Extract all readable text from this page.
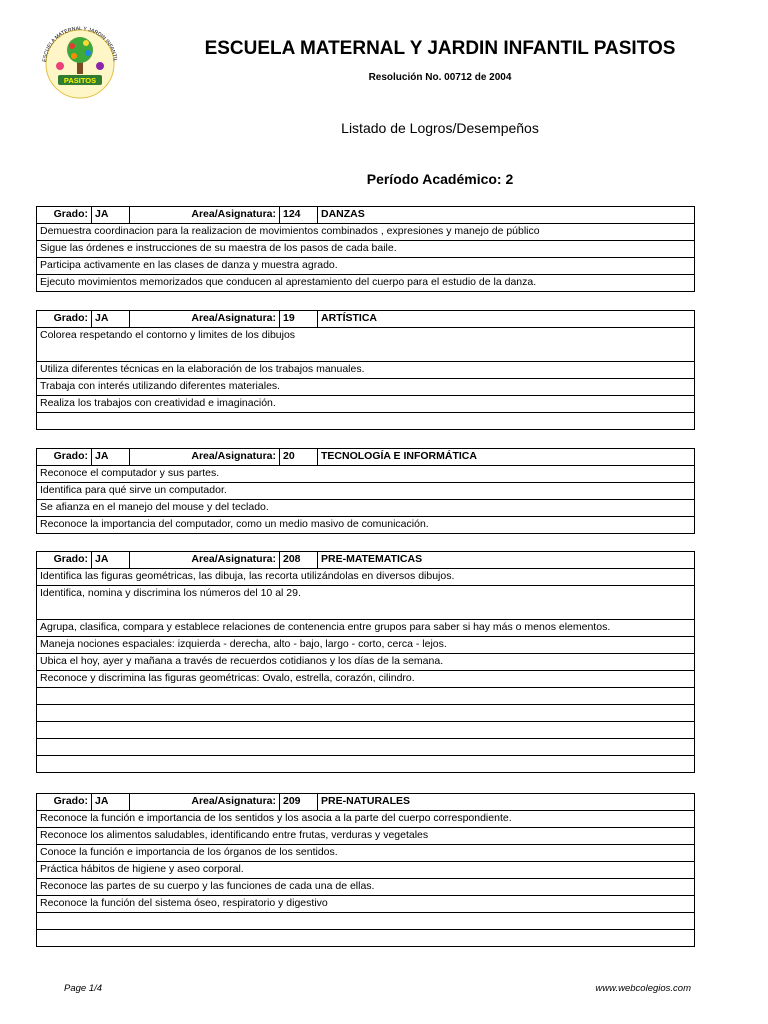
ESCUELA MATERNAL Y JARDIN INFANTIL
PASITOS
ESCUELA MATERNAL Y JARDIN INFANTIL PASITOS
Resolución No. 00712 de 2004
Listado de Logros/Desempeños
Período Académico: 2
Grado:	JA	Area/Asignatura:	124	DANZAS
Demuestra coordinacion para la realizacion de movimientos combinados , expresiones y manejo de público
Sigue las órdenes e instrucciones de su maestra de los pasos de cada baile.
Participa activamente en las clases de danza y muestra agrado.
Ejecuto movimientos memorizados que conducen al aprestamiento del cuerpo para el estudio de la danza.
Grado:	JA	Area/Asignatura:	19	ARTÍSTICA
Colorea respetando el contorno y limites de los dibujos
Utiliza diferentes técnicas en la elaboración de los trabajos manuales.
Trabaja con interés utilizando diferentes materiales.
Realiza los trabajos con creatividad e imaginación.

Grado:	JA	Area/Asignatura:	20	TECNOLOGÍA E INFORMÁTICA
Reconoce el computador y sus partes.
Identifica para qué sirve un computador.
Se afianza en el manejo del mouse y del teclado.
Reconoce la importancia del computador, como un medio masivo de comunicación.
Grado:	JA	Area/Asignatura:	208	PRE-MATEMATICAS
Identifica las figuras geométricas, las dibuja, las recorta utilizándolas en diversos dibujos.
Identifica, nomina y discrimina los números del 10 al 29.
Agrupa, clasifica, compara y establece relaciones de contenencia entre grupos para saber si hay más o menos elementos.
Maneja nociones espaciales: izquierda - derecha, alto - bajo, largo - corto, cerca - lejos.
Ubica el hoy, ayer y mañana a través de recuerdos cotidianos y los días de la semana.
Reconoce y discrimina las figuras geométricas: Ovalo, estrella, corazón, cilindro.

Grado:	JA	Area/Asignatura:	209	PRE-NATURALES
Reconoce la función e importancia de los sentidos y los asocia a la parte del cuerpo correspondiente.
Reconoce los alimentos saludables, identificando entre frutas, verduras y vegetales
Conoce la función e importancia de los órganos de los sentidos.
Práctica hábitos de higiene y aseo corporal.
Reconoce las partes de su cuerpo y las funciones de cada una de ellas.
Reconoce la función del sistema óseo, respiratorio y digestivo

Page 1/4	www.webcolegios.com
